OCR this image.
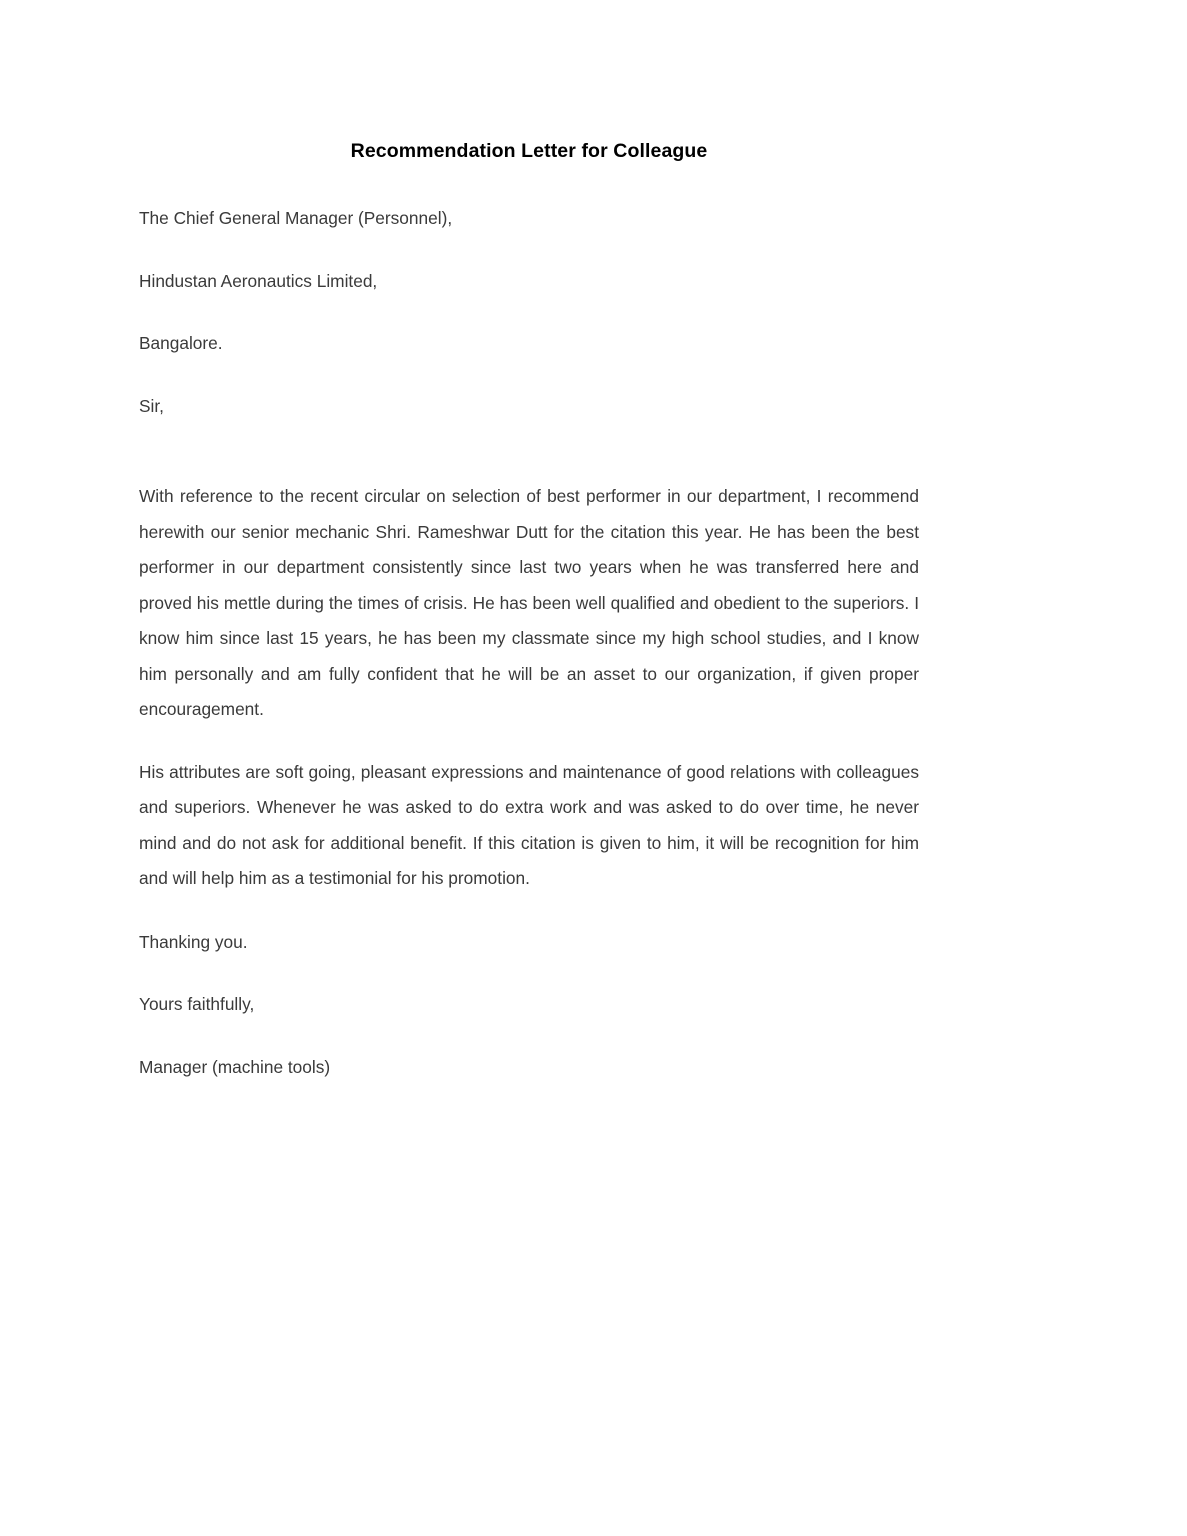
Recommendation Letter for Colleague

The Chief General Manager (Personnel),

Hindustan Aeronautics Limited,

Bangalore.

Sir,

With reference to the recent circular on selection of best performer in our department, I recommend herewith our senior mechanic Shri. Rameshwar Dutt for the citation this year. He has been the best performer in our department consistently since last two years when he was transferred here and proved his mettle during the times of crisis. He has been well qualified and obedient to the superiors. I know him since last 15 years, he has been my classmate since my high school studies, and I know him personally and am fully confident that he will be an asset to our organization, if given proper encouragement.

His attributes are soft going, pleasant expressions and maintenance of good relations with colleagues and superiors. Whenever he was asked to do extra work and was asked to do over time, he never mind and do not ask for additional benefit. If this citation is given to him, it will be recognition for him and will help him as a testimonial for his promotion.

Thanking you.

Yours faithfully,

Manager (machine tools)
